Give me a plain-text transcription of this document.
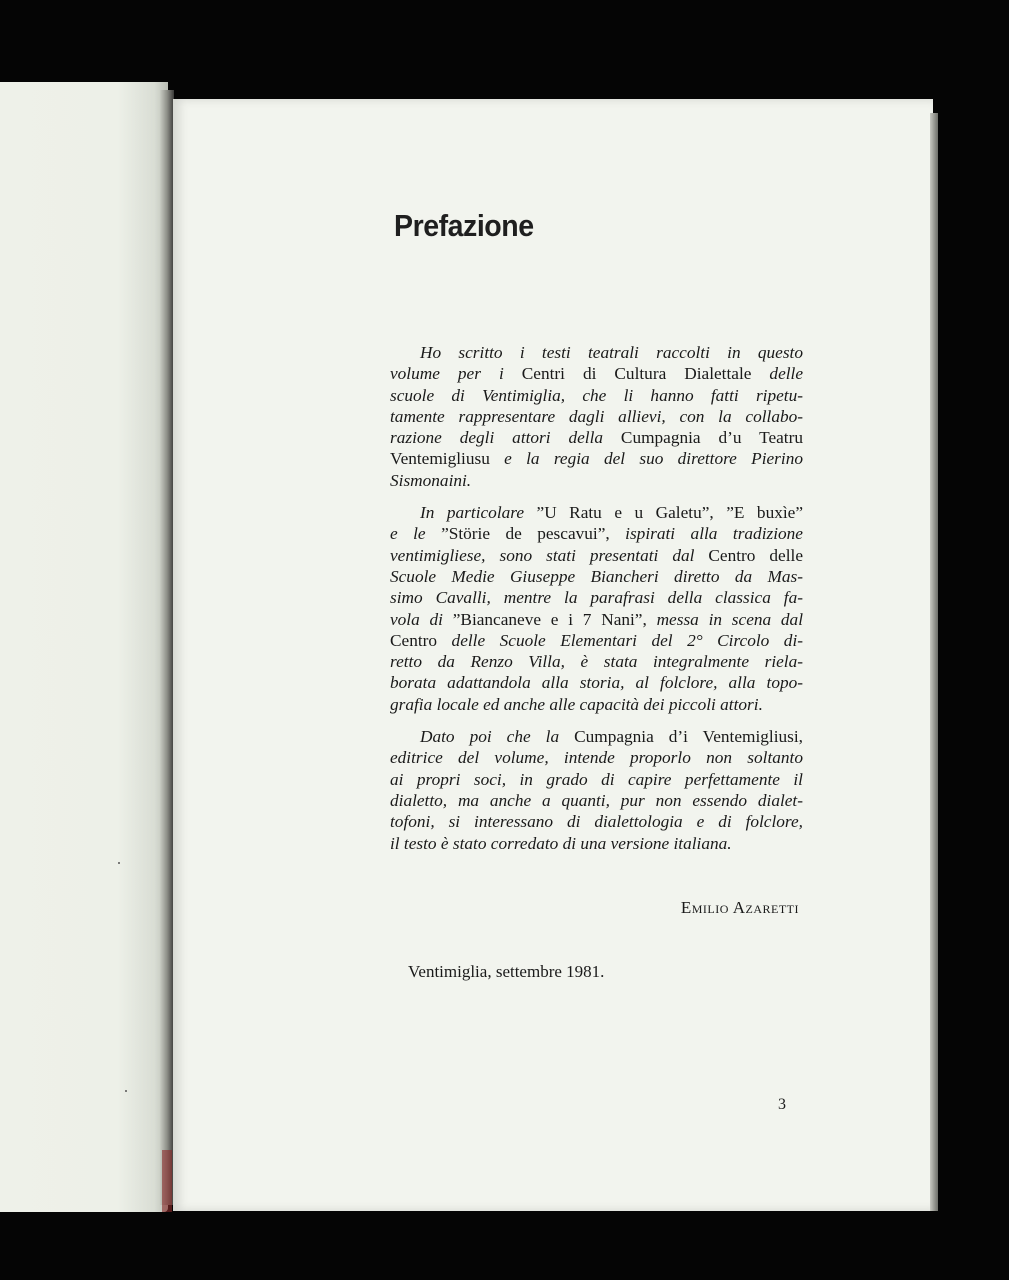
Prefazione
Ho scritto i testi teatrali raccolti in questo
volume per i Centri di Cultura Dialettale delle
scuole di Ventimiglia, che li hanno fatti ripetu-
tamente rappresentare dagli allievi, con la collabo-
razione degli attori della Cumpagnia d’u Teatru
Ventemigliusu e la regia del suo direttore Pierino
Sismonaini.
In particolare ”U Ratu e u Galetu”, ”E buxìe”
e le ”Störie de pescavui”, ispirati alla tradizione
ventimigliese, sono stati presentati dal Centro delle
Scuole Medie Giuseppe Biancheri diretto da Mas-
simo Cavalli, mentre la parafrasi della classica fa-
vola di ”Biancaneve e i 7 Nani”, messa in scena dal
Centro delle Scuole Elementari del 2° Circolo di-
retto da Renzo Villa, è stata integralmente riela-
borata adattandola alla storia, al folclore, alla topo-
grafia locale ed anche alle capacità dei piccoli attori.
Dato poi che la Cumpagnia d’i Ventemigliusi,
editrice del volume, intende proporlo non soltanto
ai propri soci, in grado di capire perfettamente il
dialetto, ma anche a quanti, pur non essendo dialet-
tofoni, si interessano di dialettologia e di folclore,
il testo è stato corredato di una versione italiana.
Emilio Azaretti
Ventimiglia, settembre 1981.
3
